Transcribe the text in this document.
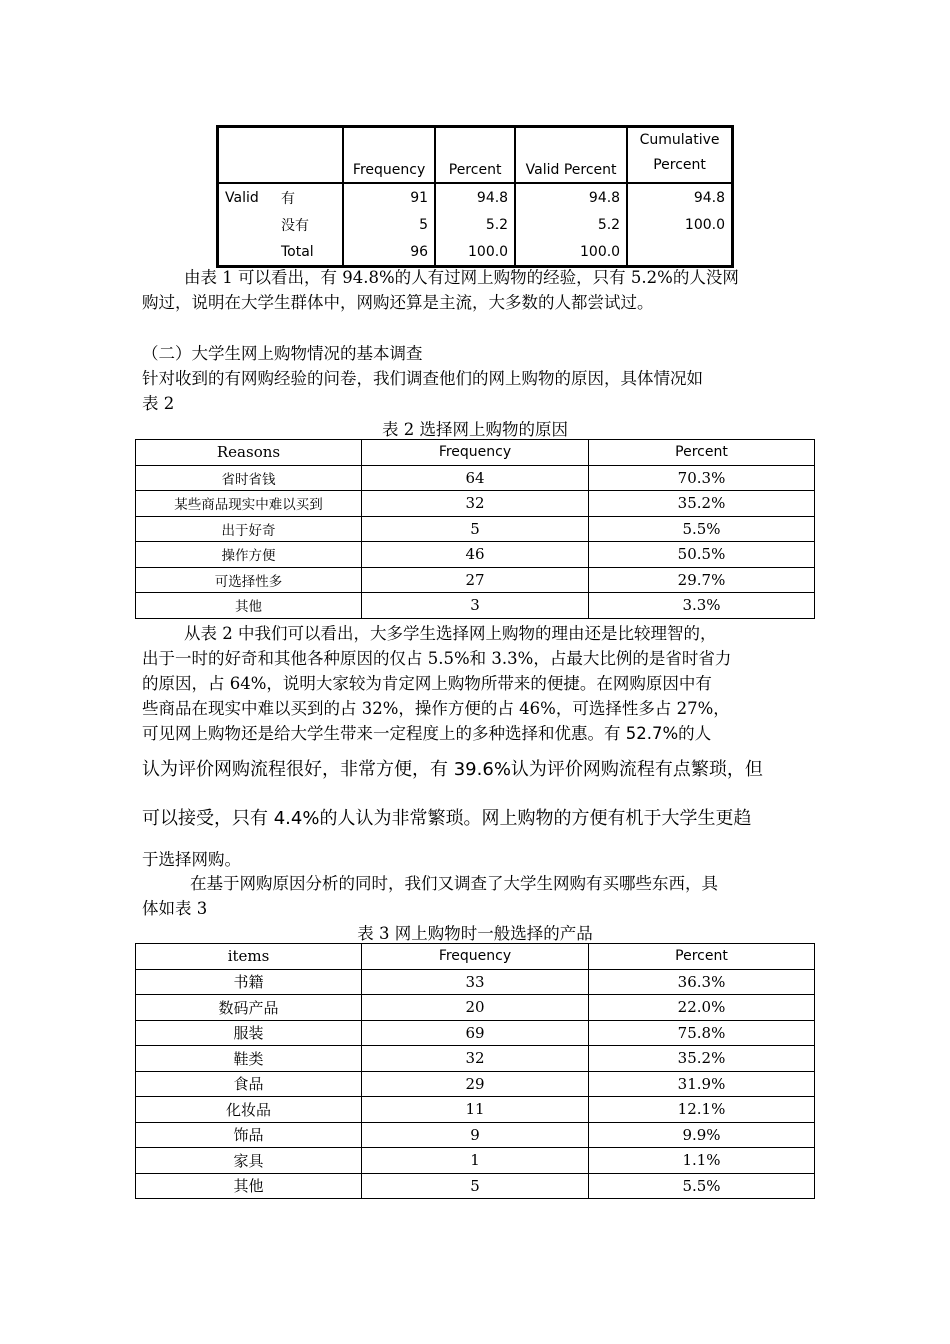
		Frequency	Percent	Valid Percent	Cumulative
Percent

Valid	有	91	94.8	94.8	94.8
	没有	5	5.2	5.2	100.0
	Total	96	100.0	100.0	
由表 1 可以看出，有 94.8%的人有过网上购物的经验，只有 5.2%的人没网
购过，说明在大学生群体中，网购还算是主流，大多数的人都尝试过。
（二）大学生网上购物情况的基本调查
针对收到的有网购经验的问卷，我们调查他们的网上购物的原因，具体情况如
表 2
表 2 选择网上购物的原因
Reasons	Frequency	Percent
省时省钱	64	70.3%
某些商品现实中难以买到	32	35.2%
出于好奇	5	5.5%
操作方便	46	50.5%
可选择性多	27	29.7%
其他	3	3.3%
从表 2 中我们可以看出，大多学生选择网上购物的理由还是比较理智的，
出于一时的好奇和其他各种原因的仅占 5.5%和 3.3%，占最大比例的是省时省力
的原因，占 64%，说明大家较为肯定网上购物所带来的便捷。在网购原因中有
些商品在现实中难以买到的占 32%，操作方便的占 46%，可选择性多占 27%，
可见网上购物还是给大学生带来一定程度上的多种选择和优惠。有 52.7%的人
认为评价网购流程很好，非常方便，有 39.6%认为评价网购流程有点繁琐，但
可以接受，只有 4.4%的人认为非常繁琐。网上购物的方便有机于大学生更趋
于选择网购。
在基于网购原因分析的同时，我们又调查了大学生网购有买哪些东西，具
体如表 3
表 3 网上购物时一般选择的产品
items	Frequency	Percent
书籍	33	36.3%
数码产品	20	22.0%
服装	69	75.8%
鞋类	32	35.2%
食品	29	31.9%
化妆品	11	12.1%
饰品	9	9.9%
家具	1	1.1%
其他	5	5.5%
